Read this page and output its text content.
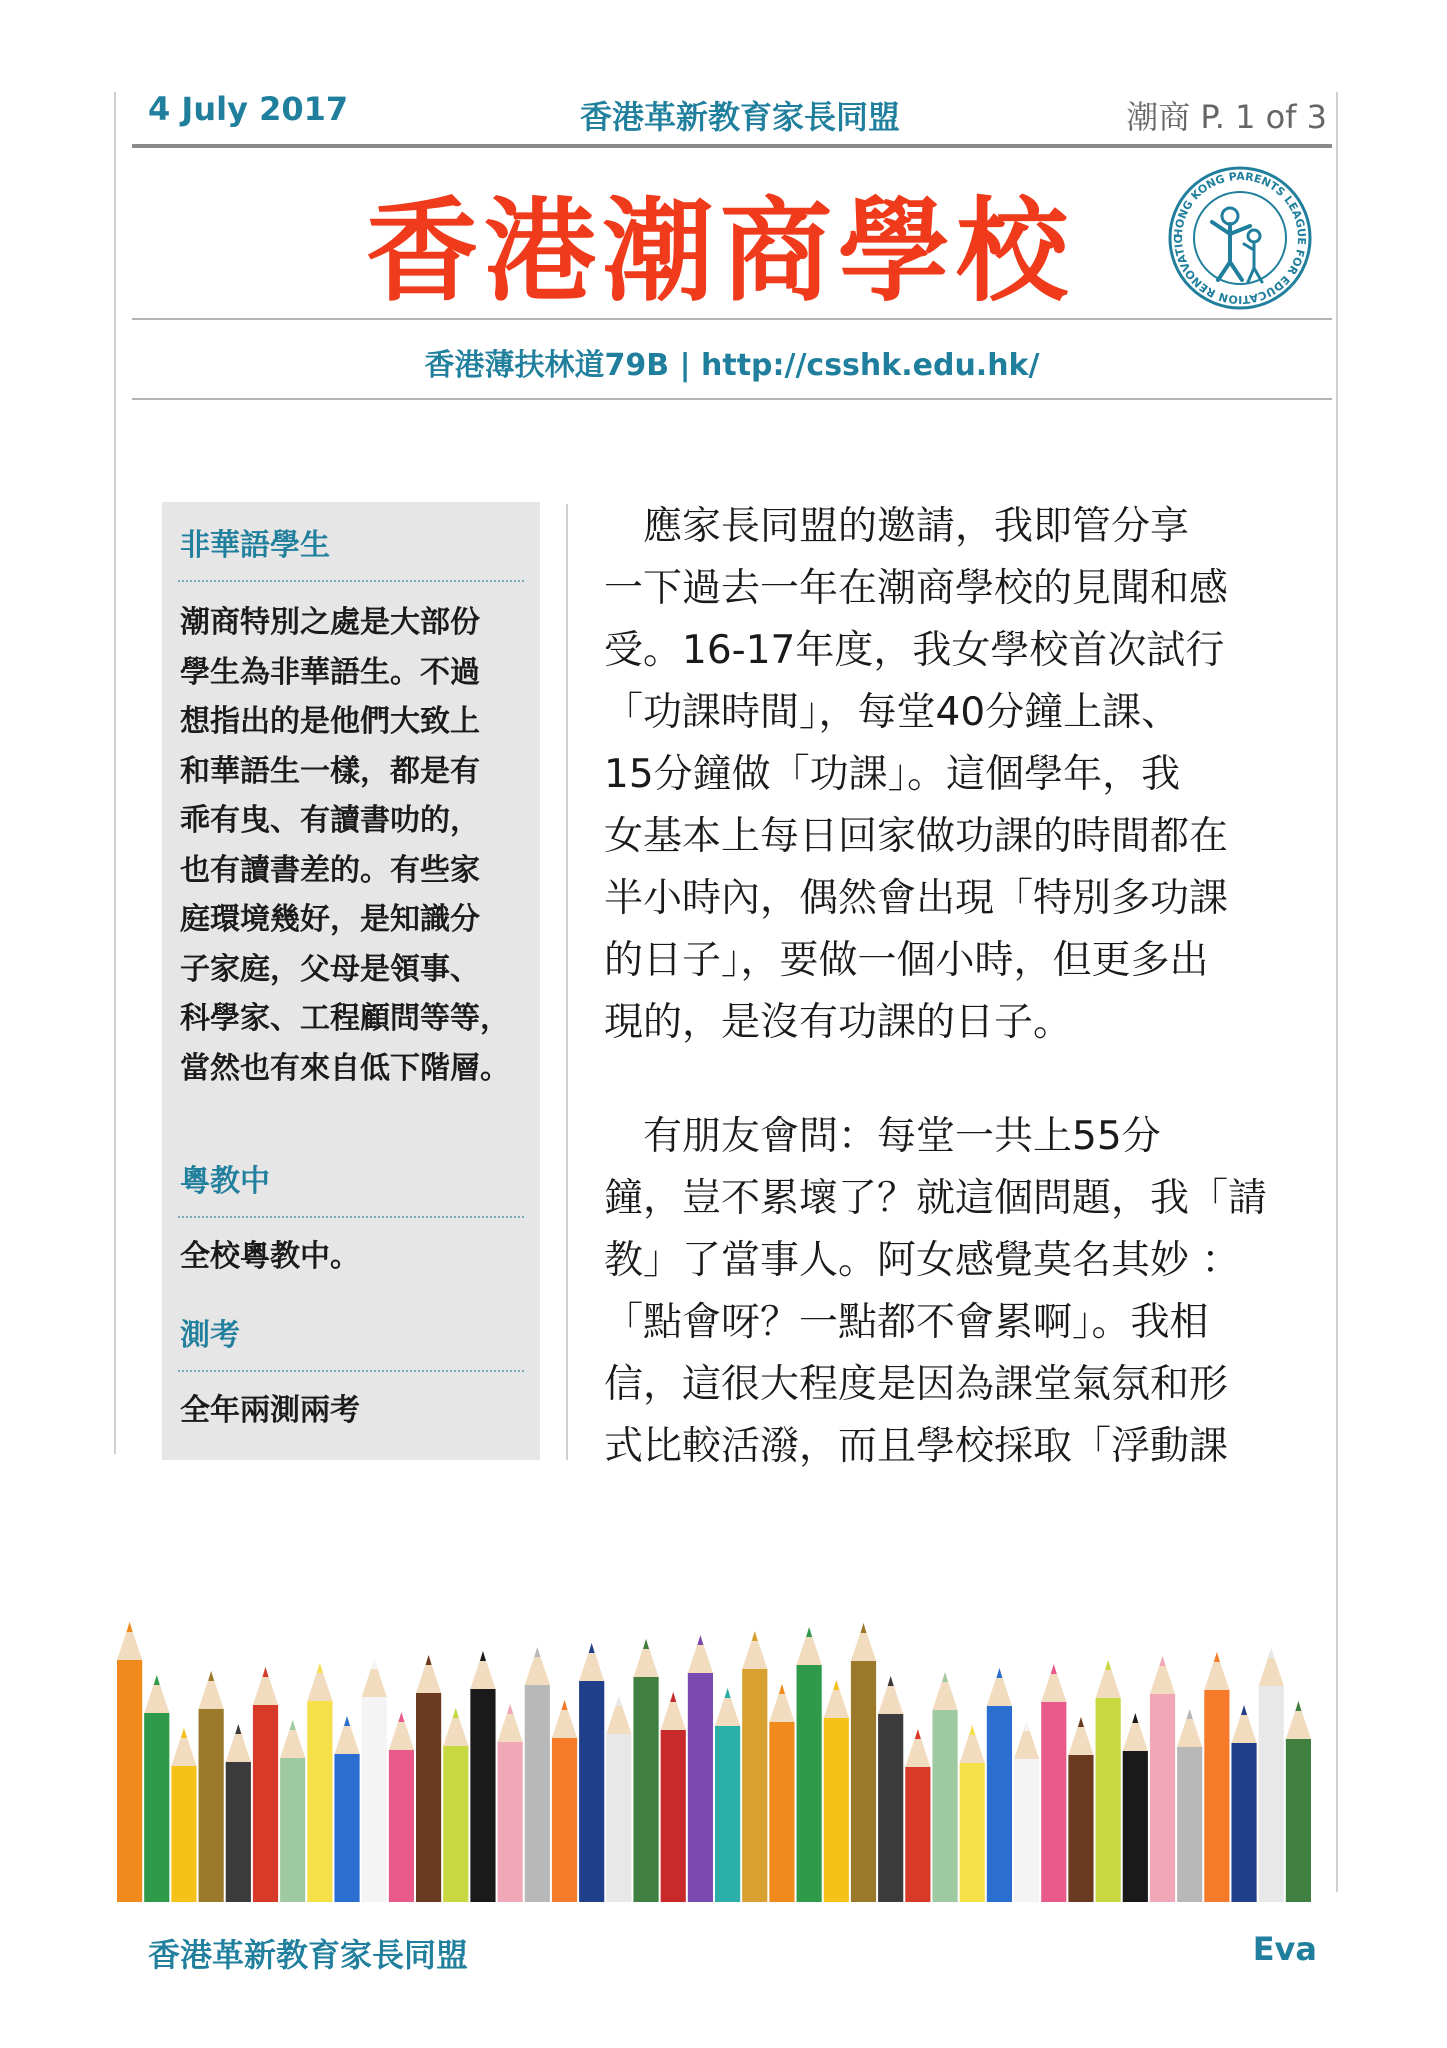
4 July 2017	香港革新教育家長同盟	潮商 P. 1 of 3
香港潮商學校	HONG KONG PARENTS LEAGUE FOR EDUCATION RENOVATIO
香港薄扶林道79B | http://csshk.edu.hk/
非華語學生
潮商特別之處是大部份
學生為非華語生。不過
想指出的是他們大致上
和華語生一樣，都是有
乖有曳、有讀書叻的，
也有讀書差的。有些家
庭環境幾好，是知識分
子家庭，父母是領事、
科學家、工程顧問等等，
當然也有來自低下階層。
粵教中
全校粵教中。
測考
全年兩測兩考
　應家長同盟的邀請，我即管分享
一下過去一年在潮商學校的見聞和感
受。16-17年度，我女學校首次試行
「功課時間」，每堂40分鐘上課、
15分鐘做「功課」。這個學年，我
女基本上每日回家做功課的時間都在
半小時內，偶然會出現「特別多功課
的日子」，要做一個小時，但更多出
現的，是沒有功課的日子。
　有朋友會問：每堂一共上55分
鐘，豈不累壞了？就這個問題，我「請
教」了當事人。阿女感覺莫名其妙 ：
「點會呀？一點都不會累啊」。我相
信，這很大程度是因為課堂氣氛和形
式比較活潑，而且學校採取「浮動課
香港革新教育家長同盟	Eva
